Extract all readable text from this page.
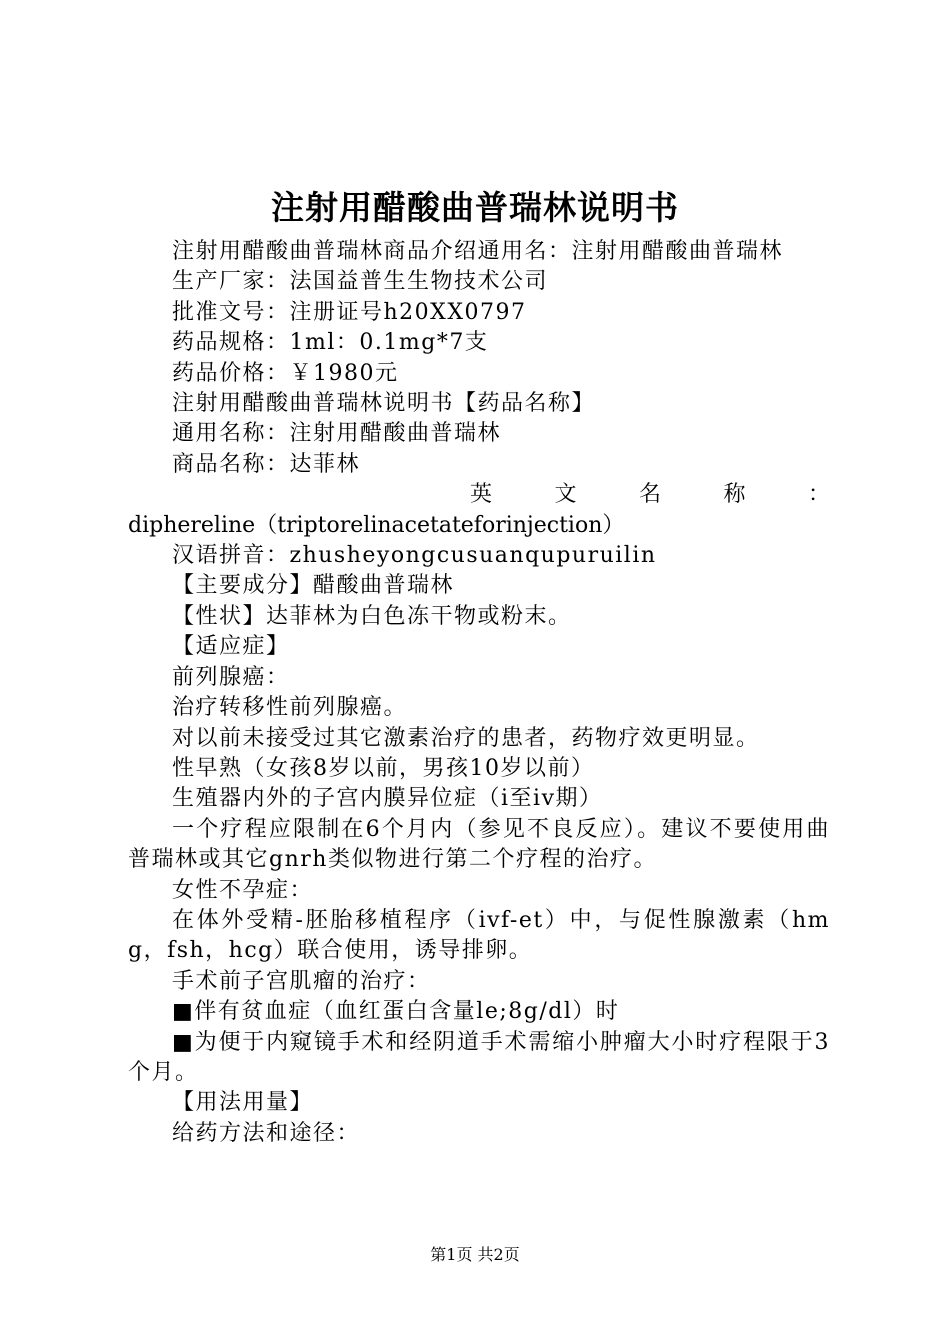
注射用醋酸曲普瑞林说明书

注射用醋酸曲普瑞林商品介绍通用名：注射用醋酸曲普瑞林

生产厂家：法国益普生生物技术公司

批准文号：注册证号h20XX0797

药品规格：1ml：0.1mg*7支

药品价格：￥1980元

注射用醋酸曲普瑞林说明书【药品名称】

通用名称：注射用醋酸曲普瑞林

商品名称：达菲林

英文名称：

diphereline（triptorelinacetateforinjection）

汉语拼音：zhusheyongcusuanqupuruilin

【主要成分】醋酸曲普瑞林

【性状】达菲林为白色冻干物或粉末。

【适应症】

前列腺癌：

治疗转移性前列腺癌。

对以前未接受过其它激素治疗的患者，药物疗效更明显。

性早熟（女孩8岁以前，男孩10岁以前）

生殖器内外的子宫内膜异位症（i至iv期）

一个疗程应限制在6个月内（参见不良反应）。建议不要使用曲普瑞林或其它gnrh类似物进行第二个疗程的治疗。

女性不孕症：

在体外受精-胚胎移植程序（ivf-et）中，与促性腺激素（hmg，fsh，hcg）联合使用，诱导排卵。

手术前子宫肌瘤的治疗：

■伴有贫血症（血红蛋白含量le;8g/dl）时

■为便于内窥镜手术和经阴道手术需缩小肿瘤大小时疗程限于3个月。

【用法用量】

给药方法和途径：

第1页 共2页
